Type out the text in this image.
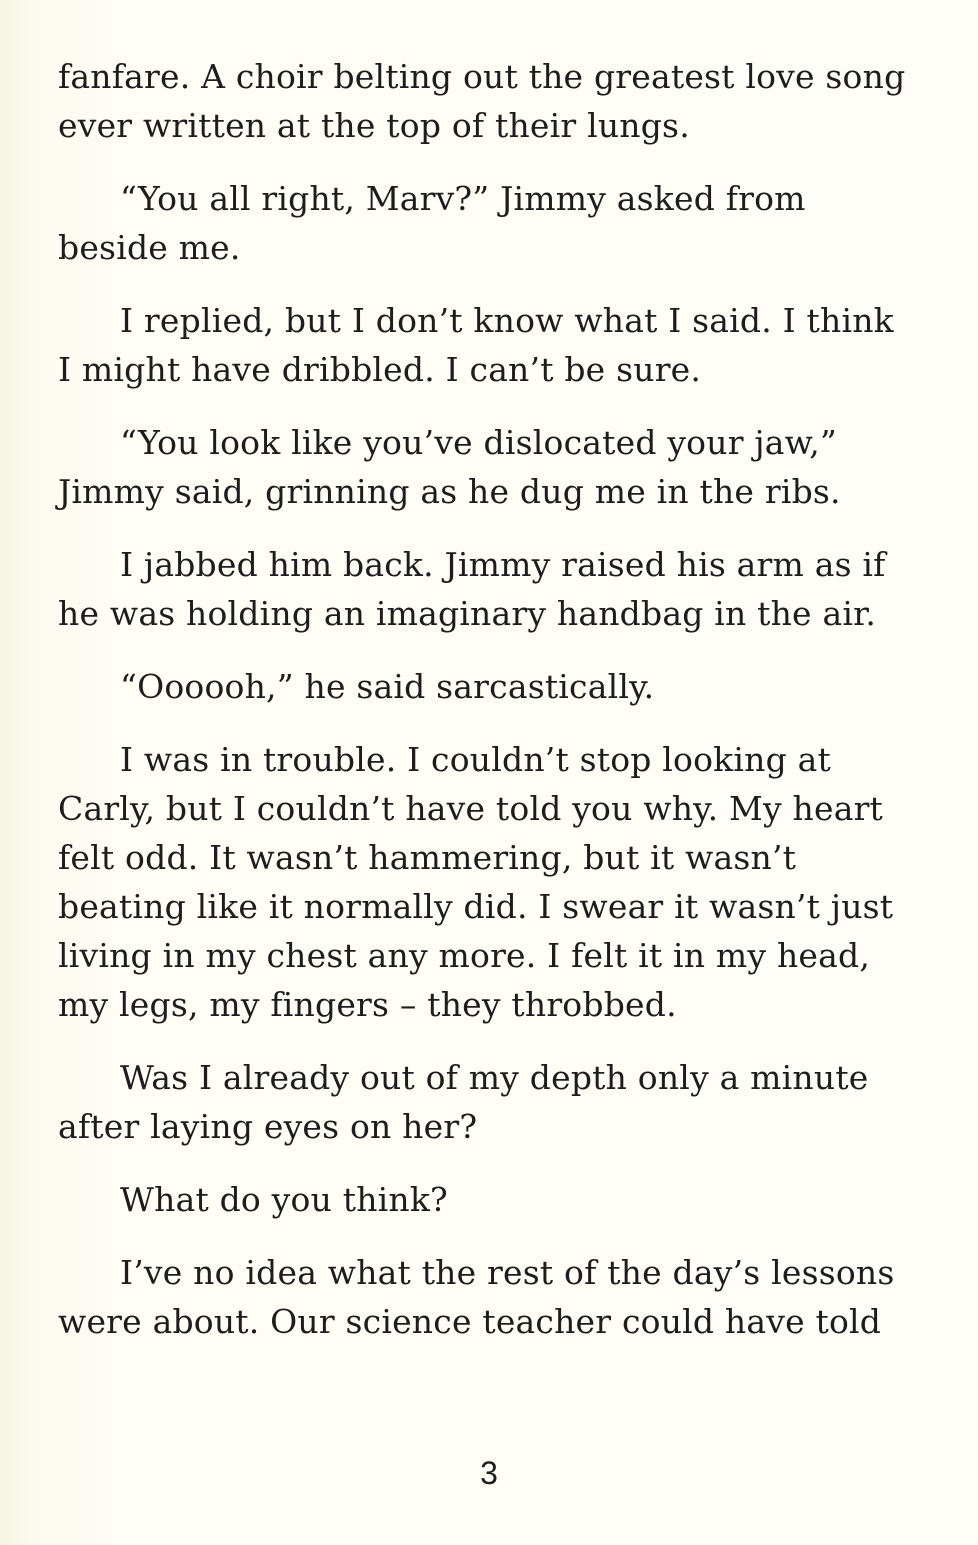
fanfare. A choir belting out the greatest love song
ever written at the top of their lungs.

“You all right, Marv?” Jimmy asked from
beside me.

I replied, but I don’t know what I said. I think
I might have dribbled. I can’t be sure.

“You look like you’ve dislocated your jaw,”
Jimmy said, grinning as he dug me in the ribs.

I jabbed him back. Jimmy raised his arm as if
he was holding an imaginary handbag in the air.

“Oooooh,” he said sarcastically.

I was in trouble. I couldn’t stop looking at
Carly, but I couldn’t have told you why. My heart
felt odd. It wasn’t hammering, but it wasn’t
beating like it normally did. I swear it wasn’t just
living in my chest any more. I felt it in my head,
my legs, my fingers – they throbbed.

Was I already out of my depth only a minute
after laying eyes on her?

What do you think?

I’ve no idea what the rest of the day’s lessons
were about. Our science teacher could have told

3
